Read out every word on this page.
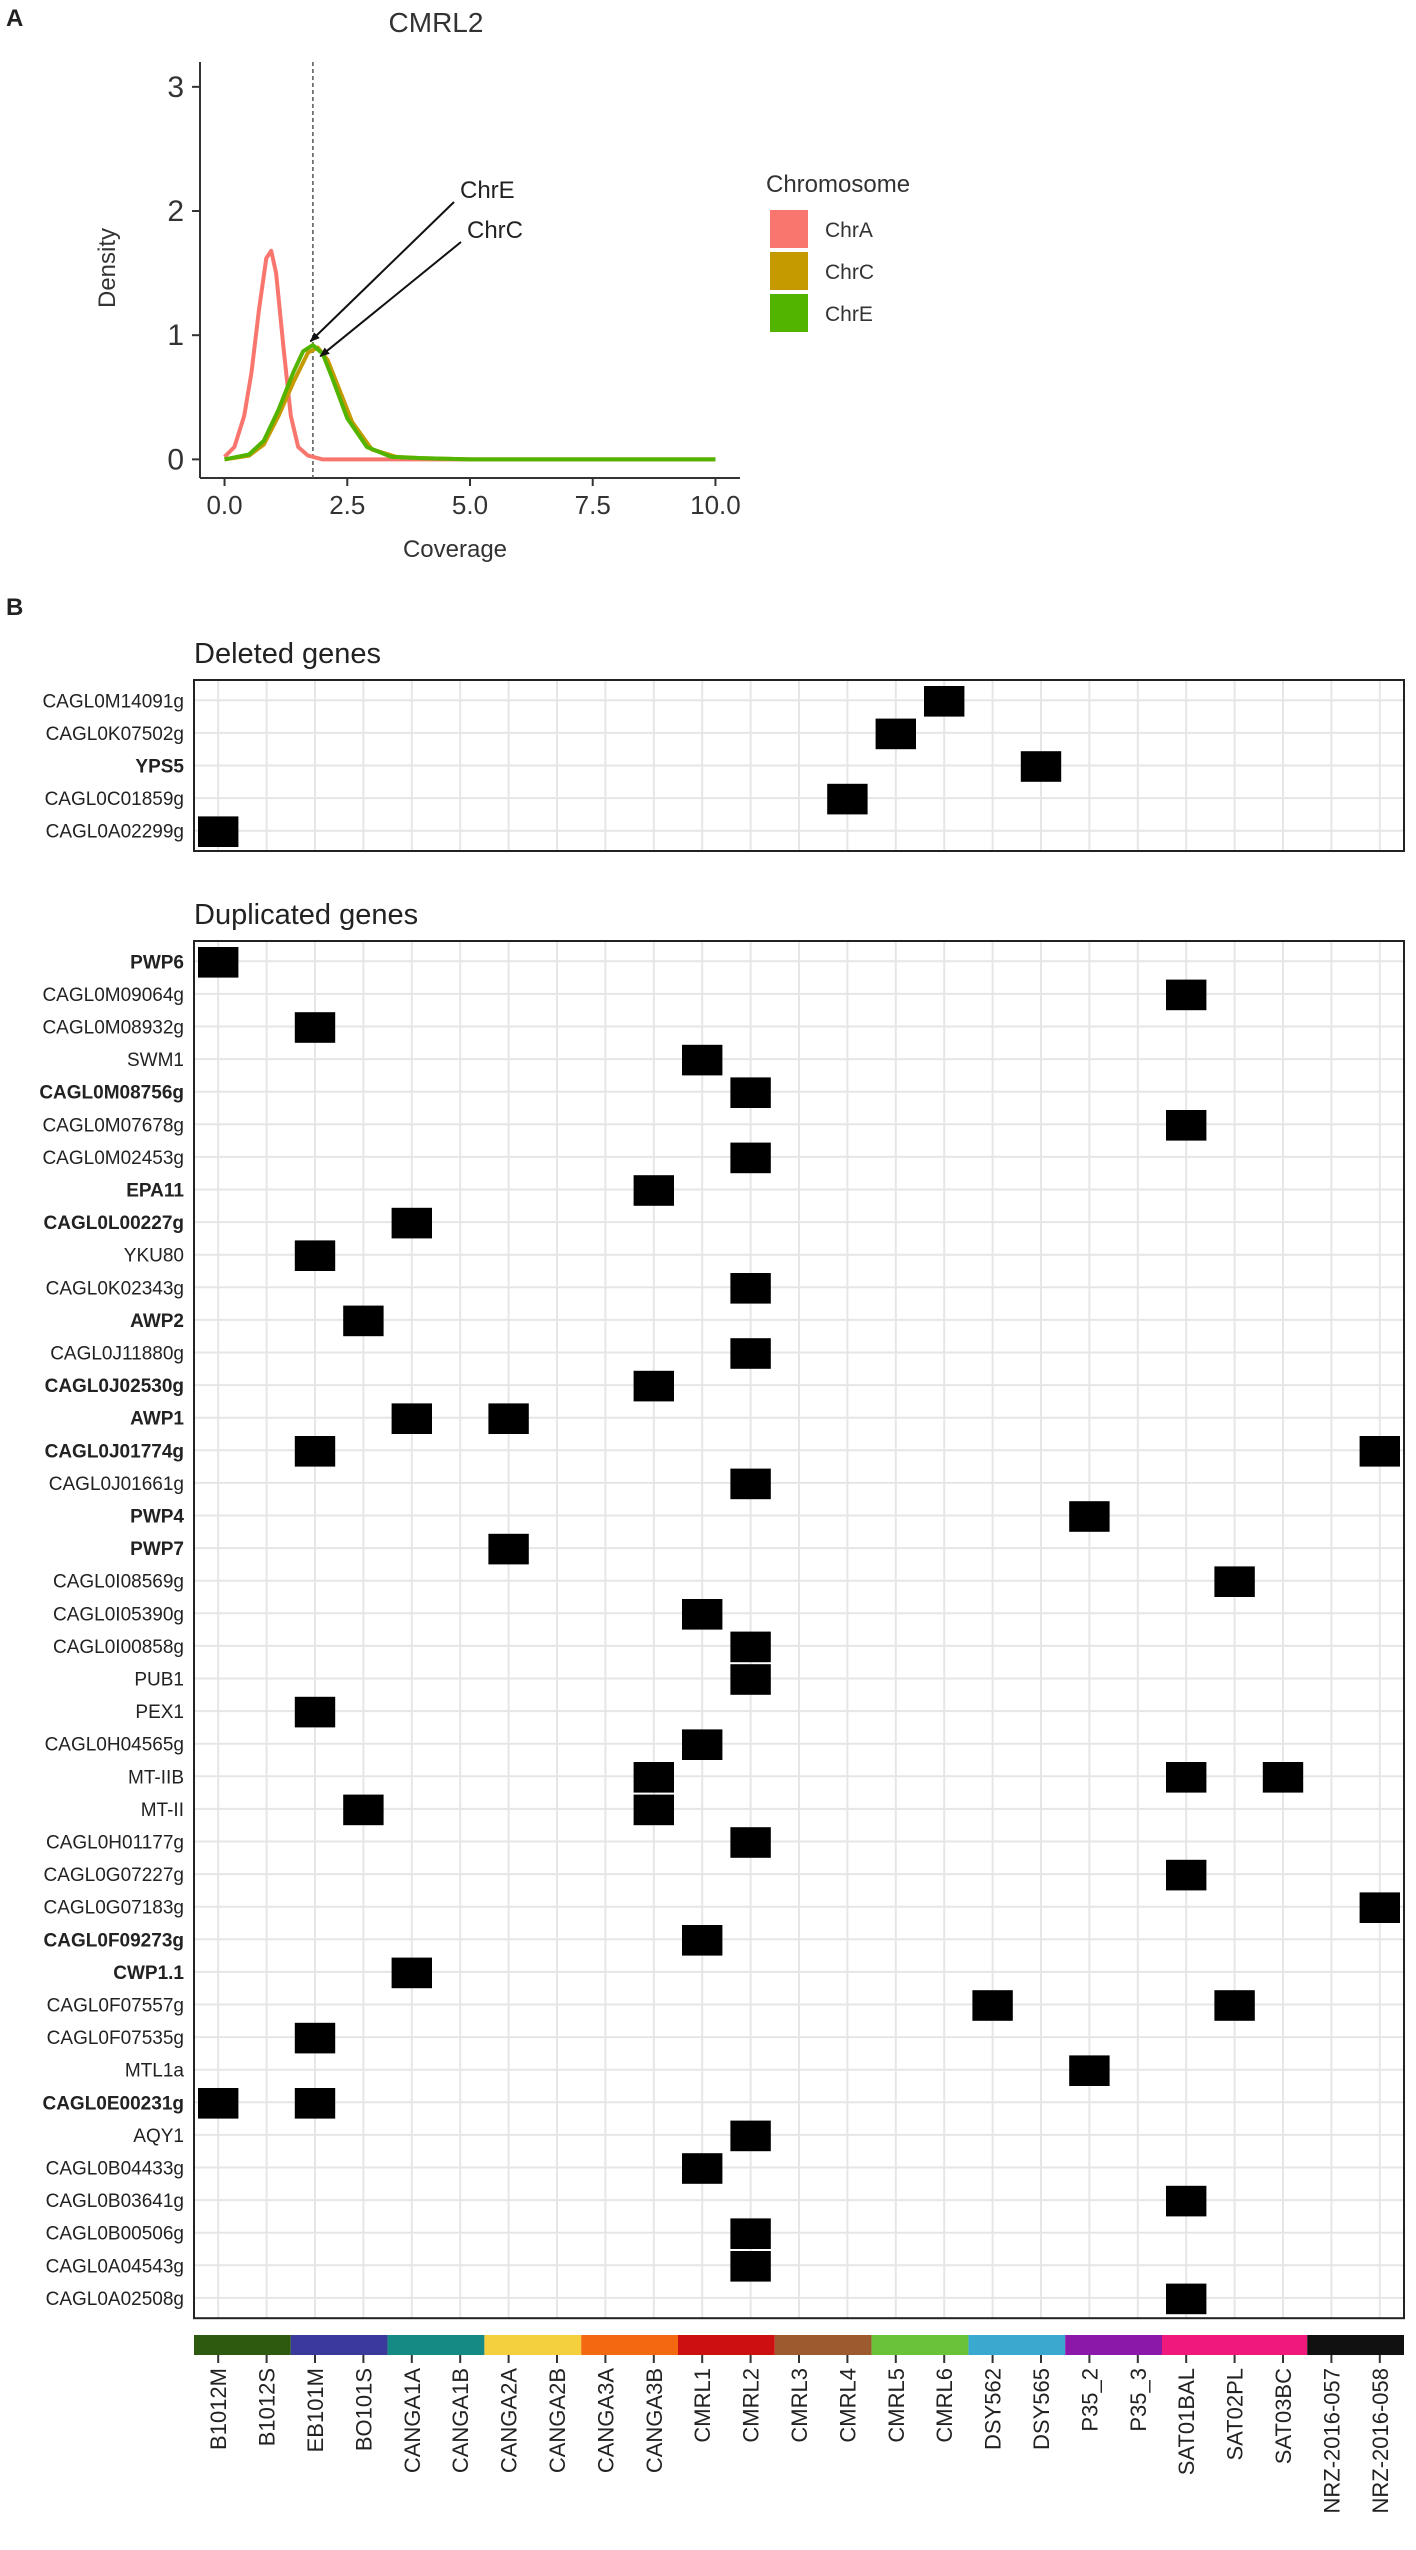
A	CMRL2
Density
Coverage
0
1
2
3
0.0	2.5	5.0	7.5	10.0
ChrE
ChrC
Chromosome
ChrA
ChrC
ChrE
B
Deleted genes
Duplicated genes
CAGL0M14091g
CAGL0K07502g
YPS5
CAGL0C01859g
CAGL0A02299g
PWP6
CAGL0M09064g
CAGL0M08932g
SWM1
CAGL0M08756g
CAGL0M07678g
CAGL0M02453g
EPA11
CAGL0L00227g
YKU80
CAGL0K02343g
AWP2
CAGL0J11880g
CAGL0J02530g
AWP1
CAGL0J01774g
CAGL0J01661g
PWP4
PWP7
CAGL0I08569g
CAGL0I05390g
CAGL0I00858g
PUB1
PEX1
CAGL0H04565g
MT-IIB
MT-II
CAGL0H01177g
CAGL0G07227g
CAGL0G07183g
CAGL0F09273g
CWP1.1
CAGL0F07557g
CAGL0F07535g
MTL1a
CAGL0E00231g
AQY1
CAGL0B04433g
CAGL0B03641g
CAGL0B00506g
CAGL0A04543g
CAGL0A02508g
B1012M B1012S EB101M BO101S CANGA1A CANGA1B CANGA2A CANGA2B CANGA3A CANGA3B CMRL1 CMRL2 CMRL3 CMRL4 CMRL5 CMRL6 DSY562 DSY565 P35_2 P35_3 SAT01BAL SAT02PL SAT03BC NRZ-2016-057 NRZ-2016-058
